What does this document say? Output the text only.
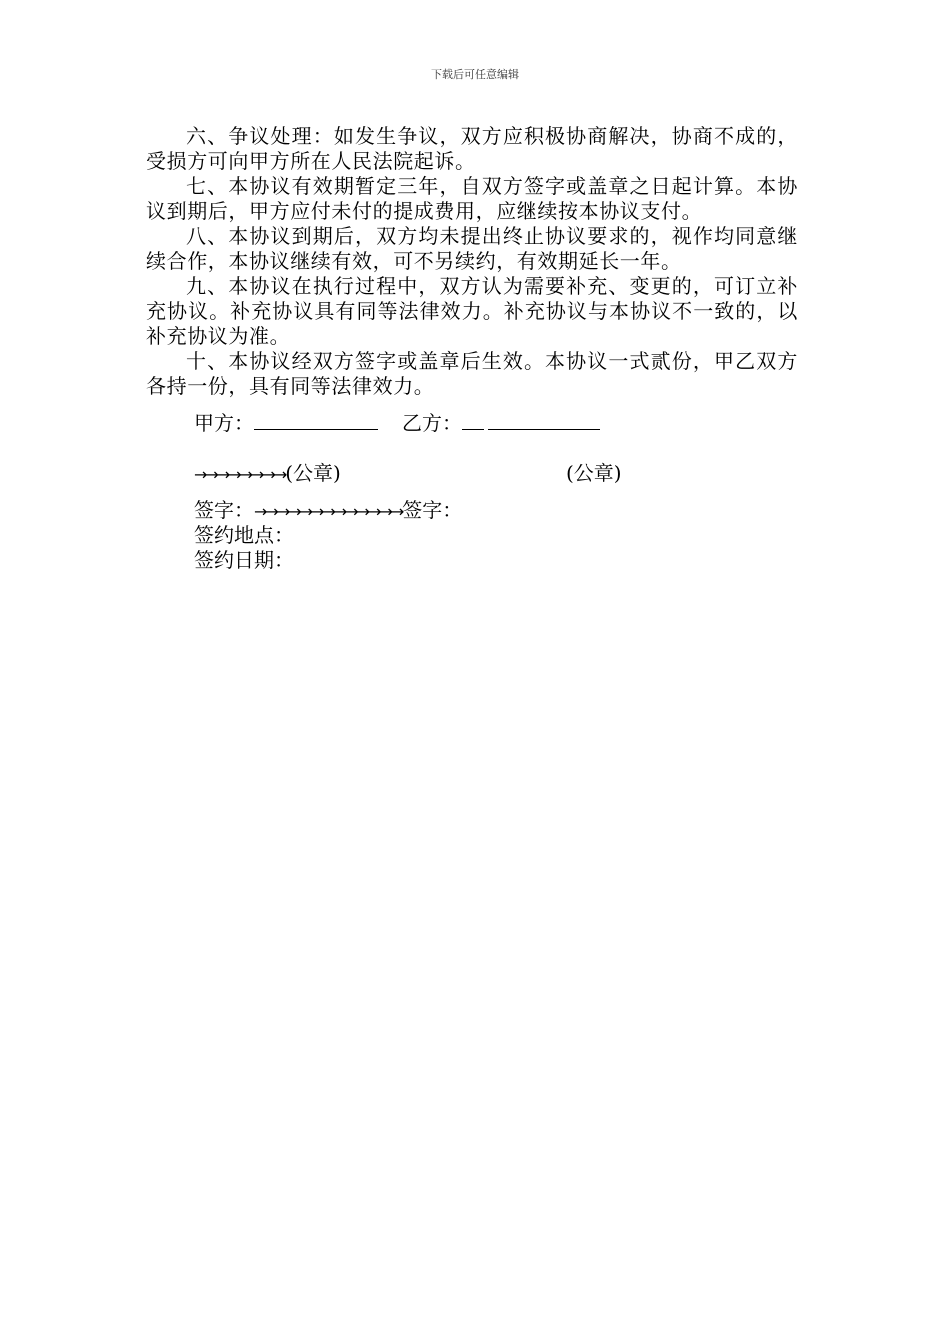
下载后可任意编辑

六、争议处理：如发生争议，双方应积极协商解决，协商不成的，受损方可向甲方所在人民法院起诉。

七、本协议有效期暂定三年，自双方签字或盖章之日起计算。本协议到期后，甲方应付未付的提成费用，应继续按本协议支付。

八、本协议到期后，双方均未提出终止协议要求的，视作均同意继续合作，本协议继续有效，可不另续约，有效期延长一年。

九、本协议在执行过程中，双方认为需要补充、变更的，可订立补充协议。补充协议具有同等法律效力。补充协议与本协议不一致的，以补充协议为准。

十、本协议经双方签字或盖章后生效。本协议一式贰份，甲乙双方各持一份，具有同等法律效力。

甲方：	乙方：
→→→→→→→→(公章)	(公章)
签字：→→→→→→→→→→→→→签字：
签约地点：
签约日期：
